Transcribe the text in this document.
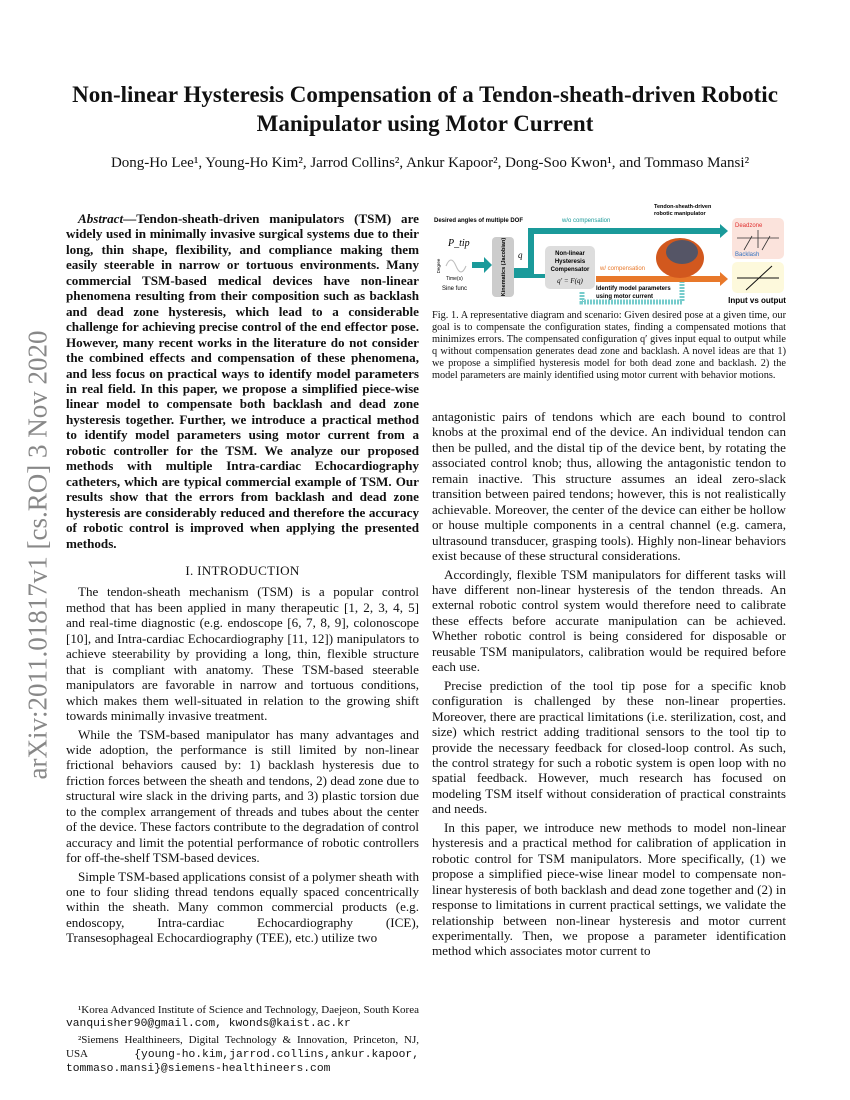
arXiv:2011.01817v1 [cs.RO] 3 Nov 2020
Non-linear Hysteresis Compensation of a Tendon-sheath-driven Robotic Manipulator using Motor Current
Dong-Ho Lee¹, Young-Ho Kim², Jarrod Collins², Ankur Kapoor², Dong-Soo Kwon¹, and Tommaso Mansi²

Abstract—Tendon-sheath-driven manipulators (TSM) are widely used in minimally invasive surgical systems due to their long, thin shape, flexibility, and compliance making them easily steerable in narrow or tortuous environments. Many commercial TSM-based medical devices have non-linear phenomena resulting from their composition such as backlash and dead zone hysteresis, which lead to a considerable challenge for achieving precise control of the end effector pose. However, many recent works in the literature do not consider the combined effects and compensation of these phenomena, and less focus on practical ways to identify model parameters in real field. In this paper, we propose a simplified piece-wise linear model to compensate both backlash and dead zone hysteresis together. Further, we introduce a practical method to identify model parameters using motor current from a robotic controller for the TSM. We analyze our proposed methods with multiple Intra-cardiac Echocardiography catheters, which are typical commercial example of TSM. Our results show that the errors from backlash and dead zone hysteresis are considerably reduced and therefore the accuracy of robotic control is improved when applying the presented methods.

I. INTRODUCTION

The tendon-sheath mechanism (TSM) is a popular control method that has been applied in many therapeutic [1, 2, 3, 4, 5] and real-time diagnostic (e.g. endoscope [6, 7, 8, 9], colonoscope [10], and Intra-cardiac Echocardiography [11, 12]) manipulators to achieve steerability by providing a long, thin, flexible structure that is compliant with anatomy. These TSM-based steerable manipulators are favorable in narrow and tortuous conditions, which makes them well-situated in relation to the growing shift towards minimally invasive treatment.

While the TSM-based manipulator has many advantages and wide adoption, the performance is still limited by non-linear frictional behaviors caused by: 1) backlash hysteresis due to friction forces between the sheath and tendons, 2) dead zone due to structural wire slack in the driving parts, and 3) plastic torsion due to the complex arrangement of threads and tubes about the center of the device. These factors contribute to the degradation of control accuracy and limit the potential performance of robotic controllers for off-the-shelf TSM-based devices.

Simple TSM-based applications consist of a polymer sheath with one to four sliding thread tendons equally spaced concentrically within the sheath. Many common commercial products (e.g. endoscopy, Intra-cardiac Echocardiography (ICE), Transesophageal Echocardiography (TEE), etc.) utilize two

¹Korea Advanced Institute of Science and Technology, Daejeon, South Korea vanquisher90@gmail.com, kwonds@kaist.ac.kr

²Siemens Healthineers, Digital Technology & Innovation, Princeton, NJ, USA {young-ho.kim,jarrod.collins,ankur.kapoor, tommaso.mansi}@siemens-healthineers.com

Desired angles of multiple DOF
P_tip
Degree
Time(s)
Sine func	Kinematics (Jacobian) q	Non-linear
Hysteresis
Compensator
q' = F(q)
w/o compensation
w/ compensation
Tendon-sheath-driven
robotic manipulator
Identify model parameters
using motor current
Deadzone
Backlash
Input vs output
Fig. 1. A representative diagram and scenario: Given desired pose at a given time, our goal is to compensate the configuration states, finding a compensated motions that minimizes errors. The compensated configuration q′ gives input equal to output while q without compensation generates dead zone and backlash. A novel ideas are that 1) we propose a simplified hysteresis model for both dead zone and backlash. 2) the model parameters are mainly identified using motor current with behavior motions.

antagonistic pairs of tendons which are each bound to control knobs at the proximal end of the device. An individual tendon can then be pulled, and the distal tip of the device bent, by rotating the associated control knob; thus, allowing the antagonistic tendon to remain inactive. This structure assumes an ideal zero-slack transition between paired tendons; however, this is not realistically achievable. Moreover, the center of the device can either be hollow or house multiple components in a central channel (e.g. camera, ultrasound transducer, grasping tools). Highly non-linear behaviors exist because of these structural considerations.

Accordingly, flexible TSM manipulators for different tasks will have different non-linear hysteresis of the tendon threads. An external robotic control system would therefore need to calibrate these effects before accurate manipulation can be achieved. Whether robotic control is being considered for disposable or reusable TSM manipulators, calibration would be required before each use.

Precise prediction of the tool tip pose for a specific knob configuration is challenged by these non-linear properties. Moreover, there are practical limitations (i.e. sterilization, cost, and size) which restrict adding traditional sensors to the tool tip to provide the necessary feedback for closed-loop control. As such, the control strategy for such a robotic system is open loop with no spatial feedback. However, much research has focused on modeling TSM itself without consideration of practical constraints and needs.

In this paper, we introduce new methods to model non-linear hysteresis and a practical method for calibration of application in robotic control for TSM manipulators. More specifically, (1) we propose a simplified piece-wise linear model to compensate non-linear hysteresis of both backlash and dead zone together and (2) in response to limitations in current practical settings, we validate the relationship between non-linear hysteresis and motor current experimentally. Then, we propose a parameter identification method which associates motor current to
